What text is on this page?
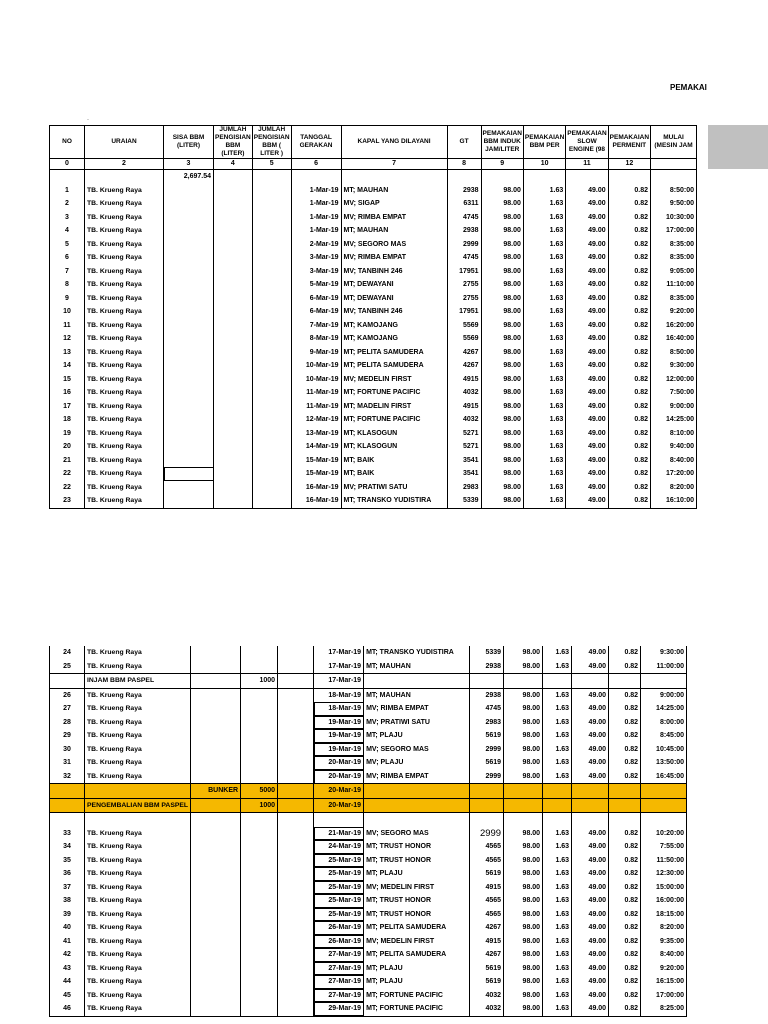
PEMAKAI
·
NO	URAIAN	SISA BBM (LITER)	JUMLAH PENGISIAN BBM (LITER)	JUMLAH PENGISIAN BBM ( LITER )	TANGGAL GERAKAN	KAPAL YANG DILAYANI	GT	PEMAKAIAN BBM INDUK JAM/LITER	PEMAKAIAN BBM PER	PEMAKAIAN SLOW ENGINE (98	PEMAKAIAN PERMENIT	MULAI (MESIN JAM
0	2	3	4	5	6	7	8	9	10	11	12	
		2,697.54										
1	TB. Krueng Raya				1-Mar-19	MT; MAUHAN	2938	98.00	1.63	49.00	0.82	8:50:00
2	TB. Krueng Raya				1-Mar-19	MV; SIGAP	6311	98.00	1.63	49.00	0.82	9:50:00
3	TB. Krueng Raya				1-Mar-19	MV; RIMBA EMPAT	4745	98.00	1.63	49.00	0.82	10:30:00
4	TB. Krueng Raya				1-Mar-19	MT; MAUHAN	2938	98.00	1.63	49.00	0.82	17:00:00
5	TB. Krueng Raya				2-Mar-19	MV; SEGORO MAS	2999	98.00	1.63	49.00	0.82	8:35:00
6	TB. Krueng Raya				3-Mar-19	MV; RIMBA EMPAT	4745	98.00	1.63	49.00	0.82	8:35:00
7	TB. Krueng Raya				3-Mar-19	MV; TANBINH 246	17951	98.00	1.63	49.00	0.82	9:05:00
8	TB. Krueng Raya				5-Mar-19	MT; DEWAYANI	2755	98.00	1.63	49.00	0.82	11:10:00
9	TB. Krueng Raya				6-Mar-19	MT; DEWAYANI	2755	98.00	1.63	49.00	0.82	8:35:00
10	TB. Krueng Raya				6-Mar-19	MV; TANBINH 246	17951	98.00	1.63	49.00	0.82	9:20:00
11	TB. Krueng Raya				7-Mar-19	MT; KAMOJANG	5569	98.00	1.63	49.00	0.82	16:20:00
12	TB. Krueng Raya				8-Mar-19	MT; KAMOJANG	5569	98.00	1.63	49.00	0.82	16:40:00
13	TB. Krueng Raya				9-Mar-19	MT; PELITA SAMUDERA	4267	98.00	1.63	49.00	0.82	8:50:00
14	TB. Krueng Raya				10-Mar-19	MT; PELITA SAMUDERA	4267	98.00	1.63	49.00	0.82	9:30:00
15	TB. Krueng Raya				10-Mar-19	MV; MEDELIN FIRST	4915	98.00	1.63	49.00	0.82	12:00:00
16	TB. Krueng Raya				11-Mar-19	MT; FORTUNE PACIFIC	4032	98.00	1.63	49.00	0.82	7:50:00
17	TB. Krueng Raya				11-Mar-19	MT; MADELIN FIRST	4915	98.00	1.63	49.00	0.82	9:00:00
18	TB. Krueng Raya				12-Mar-19	MT; FORTUNE PACIFIC	4032	98.00	1.63	49.00	0.82	14:25:00
19	TB. Krueng Raya				13-Mar-19	MT; KLASOGUN	5271	98.00	1.63	49.00	0.82	8:10:00
20	TB. Krueng Raya				14-Mar-19	MT; KLASOGUN	5271	98.00	1.63	49.00	0.82	9:40:00
21	TB. Krueng Raya				15-Mar-19	MT; BAIK	3541	98.00	1.63	49.00	0.82	8:40:00
22	TB. Krueng Raya				15-Mar-19	MT; BAIK	3541	98.00	1.63	49.00	0.82	17:20:00
22	TB. Krueng Raya				16-Mar-19	MV; PRATIWI SATU	2983	98.00	1.63	49.00	0.82	8:20:00
23	TB. Krueng Raya				16-Mar-19	MT; TRANSKO YUDISTIRA	5339	98.00	1.63	49.00	0.82	16:10:00
24	TB. Krueng Raya				17-Mar-19	MT; TRANSKO YUDISTIRA	5339	98.00	1.63	49.00	0.82	9:30:00
25	TB. Krueng Raya				17-Mar-19	MT; MAUHAN	2938	98.00	1.63	49.00	0.82	11:00:00
	INJAM BBM PASPEL		1000		17-Mar-19							
26	TB. Krueng Raya				18-Mar-19	MT; MAUHAN	2938	98.00	1.63	49.00	0.82	9:00:00
27	TB. Krueng Raya				18-Mar-19	MV; RIMBA EMPAT	4745	98.00	1.63	49.00	0.82	14:25:00
28	TB. Krueng Raya				19-Mar-19	MV; PRATIWI SATU	2983	98.00	1.63	49.00	0.82	8:00:00
29	TB. Krueng Raya				19-Mar-19	MT; PLAJU	5619	98.00	1.63	49.00	0.82	8:45:00
30	TB. Krueng Raya				19-Mar-19	MV; SEGORO MAS	2999	98.00	1.63	49.00	0.82	10:45:00
31	TB. Krueng Raya				20-Mar-19	MV; PLAJU	5619	98.00	1.63	49.00	0.82	13:50:00
32	TB. Krueng Raya				20-Mar-19	MV; RIMBA EMPAT	2999	98.00	1.63	49.00	0.82	16:45:00
		BUNKER	5000		20-Mar-19							
	PENGEMBALIAN BBM PASPEL		1000		20-Mar-19							

33	TB. Krueng Raya				21-Mar-19	MV; SEGORO MAS	2999	98.00	1.63	49.00	0.82	10:20:00
34	TB. Krueng Raya				24-Mar-19	MT; TRUST HONOR	4565	98.00	1.63	49.00	0.82	7:55:00
35	TB. Krueng Raya				25-Mar-19	MT; TRUST HONOR	4565	98.00	1.63	49.00	0.82	11:50:00
36	TB. Krueng Raya				25-Mar-19	MT; PLAJU	5619	98.00	1.63	49.00	0.82	12:30:00
37	TB. Krueng Raya				25-Mar-19	MV; MEDELIN FIRST	4915	98.00	1.63	49.00	0.82	15:00:00
38	TB. Krueng Raya				25-Mar-19	MT; TRUST HONOR	4565	98.00	1.63	49.00	0.82	16:00:00
39	TB. Krueng Raya				25-Mar-19	MT; TRUST HONOR	4565	98.00	1.63	49.00	0.82	18:15:00
40	TB. Krueng Raya				26-Mar-19	MT; PELITA SAMUDERA	4267	98.00	1.63	49.00	0.82	8:20:00
41	TB. Krueng Raya				26-Mar-19	MV; MEDELIN FIRST	4915	98.00	1.63	49.00	0.82	9:35:00
42	TB. Krueng Raya				27-Mar-19	MT; PELITA SAMUDERA	4267	98.00	1.63	49.00	0.82	8:40:00
43	TB. Krueng Raya				27-Mar-19	MT; PLAJU	5619	98.00	1.63	49.00	0.82	9:20:00
44	TB. Krueng Raya				27-Mar-19	MT; PLAJU	5619	98.00	1.63	49.00	0.82	16:15:00
45	TB. Krueng Raya				27-Mar-19	MT; FORTUNE PACIFIC	4032	98.00	1.63	49.00	0.82	17:00:00
46	TB. Krueng Raya				29-Mar-19	MT; FORTUNE PACIFIC	4032	98.00	1.63	49.00	0.82	8:25:00
